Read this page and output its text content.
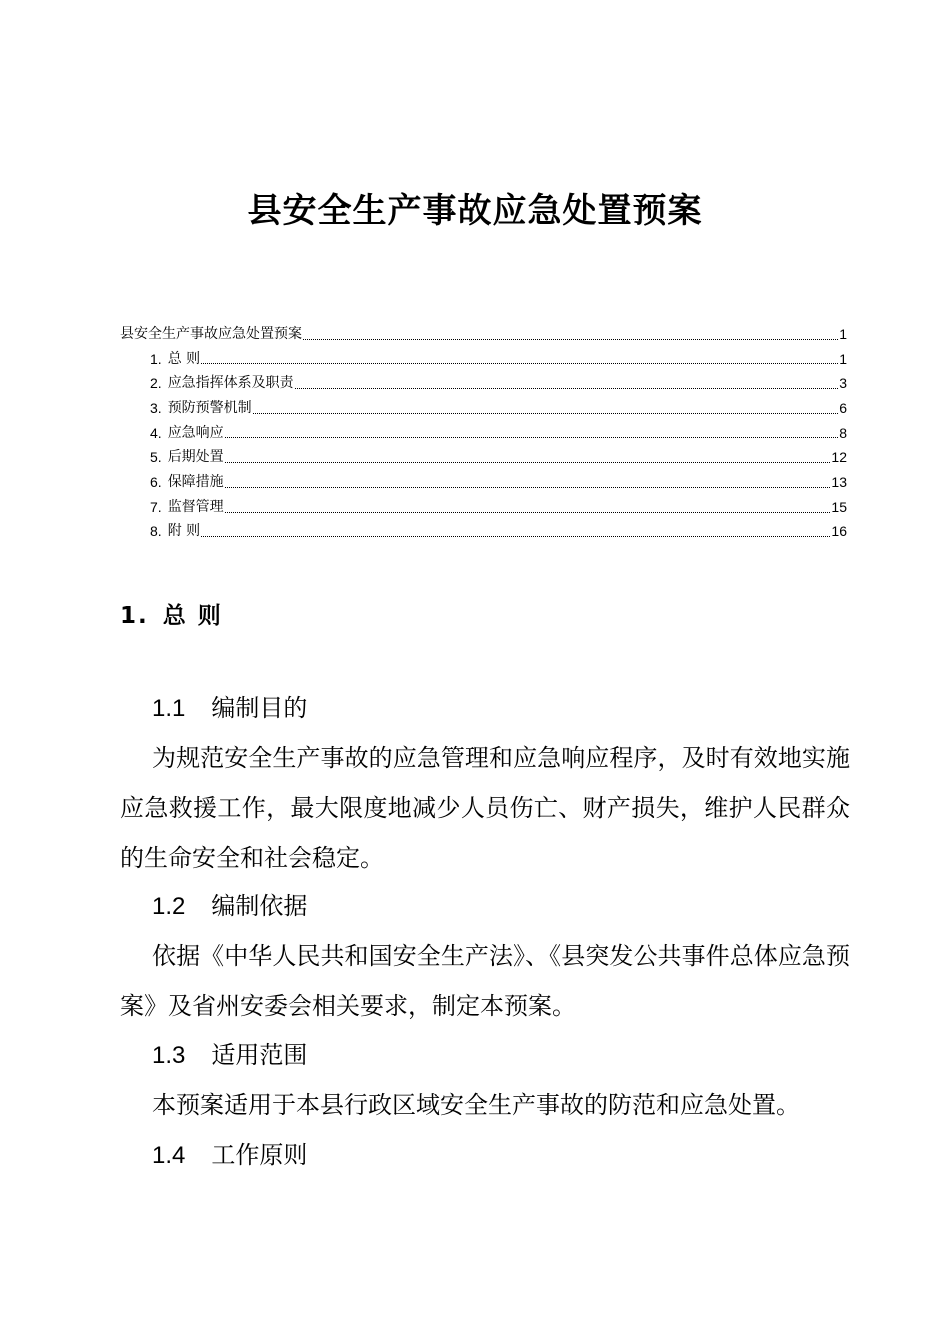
县安全生产事故应急处置预案
县安全生产事故应急处置预案	1
1. 总 则	1
2. 应急指挥体系及职责	3
3. 预防预警机制	6
4. 应急响应	8
5. 后期处置	12
6. 保障措施	13
7. 监督管理	15
8. 附 则	16
1. 总 则
1.1 编制目的
为规范安全生产事故的应急管理和应急响应程序，及时有效地实施应急救援工作，最大限度地减少人员伤亡、财产损失，维护人民群众的生命安全和社会稳定。
1.2 编制依据
依据《中华人民共和国安全生产法》、《县突发公共事件总体应急预案》及省州安委会相关要求，制定本预案。
1.3 适用范围
本预案适用于本县行政区域安全生产事故的防范和应急处置。
1.4 工作原则
